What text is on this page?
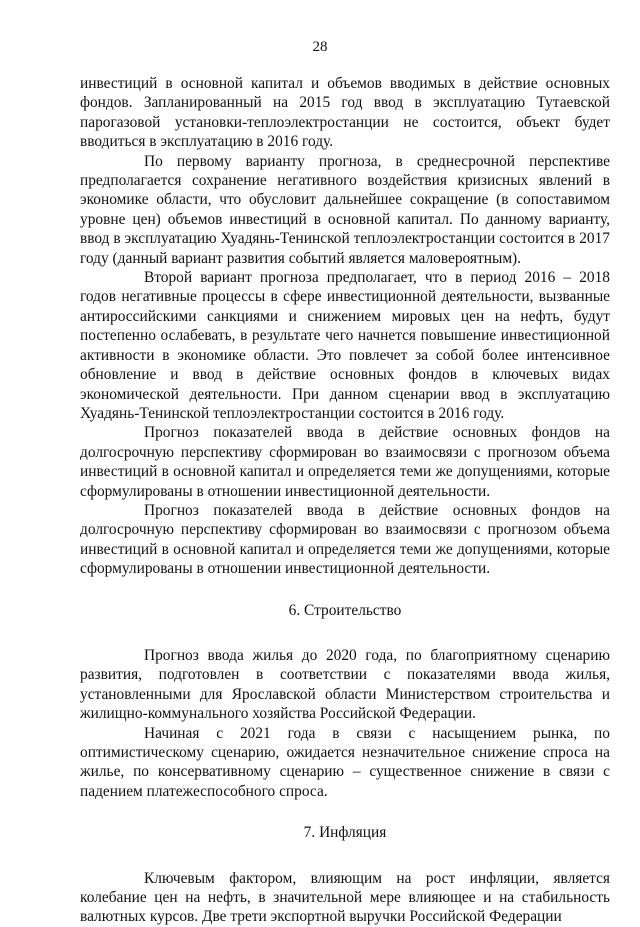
28

инвестиций в основной капитал и объемов вводимых в действие основных фондов. Запланированный на 2015 год ввод в эксплуатацию Тутаевской парогазовой установки-теплоэлектростанции не состоится, объект будет вводиться в эксплуатацию в 2016 году.

По первому варианту прогноза, в среднесрочной перспективе предполагается сохранение негативного воздействия кризисных явлений в экономике области, что обусловит дальнейшее сокращение (в сопоставимом уровне цен) объемов инвестиций в основной капитал. По данному варианту, ввод в эксплуатацию Хуадянь-Тенинской теплоэлектростанции состоится в 2017 году (данный вариант развития событий является маловероятным).

Второй вариант прогноза предполагает, что в период 2016 – 2018 годов негативные процессы в сфере инвестиционной деятельности, вызванные антироссийскими санкциями и снижением мировых цен на нефть, будут постепенно ослабевать, в результате чего начнется повышение инвестиционной активности в экономике области. Это повлечет за собой более интенсивное обновление и ввод в действие основных фондов в ключевых видах экономической деятельности. При данном сценарии ввод в эксплуатацию Хуадянь-Тенинской теплоэлектростанции состоится в 2016 году.

Прогноз показателей ввода в действие основных фондов на долгосрочную перспективу сформирован во взаимосвязи с прогнозом объема инвестиций в основной капитал и определяется теми же допущениями, которые сформулированы в отношении инвестиционной деятельности.

Прогноз показателей ввода в действие основных фондов на долгосрочную перспективу сформирован во взаимосвязи с прогнозом объема инвестиций в основной капитал и определяется теми же допущениями, которые сформулированы в отношении инвестиционной деятельности.

6. Строительство

Прогноз ввода жилья до 2020 года, по благоприятному сценарию развития, подготовлен в соответствии с показателями ввода жилья, установленными для Ярославской области Министерством строительства и жилищно-коммунального хозяйства Российской Федерации.

Начиная с 2021 года в связи с насыщением рынка, по оптимистическому сценарию, ожидается незначительное снижение спроса на жилье, по консервативному сценарию – существенное снижение в связи с падением платежеспособного спроса.

7. Инфляция

Ключевым фактором, влияющим на рост инфляции, является колебание цен на нефть, в значительной мере влияющее и на стабильность валютных курсов. Две трети экспортной выручки Российской Федерации
